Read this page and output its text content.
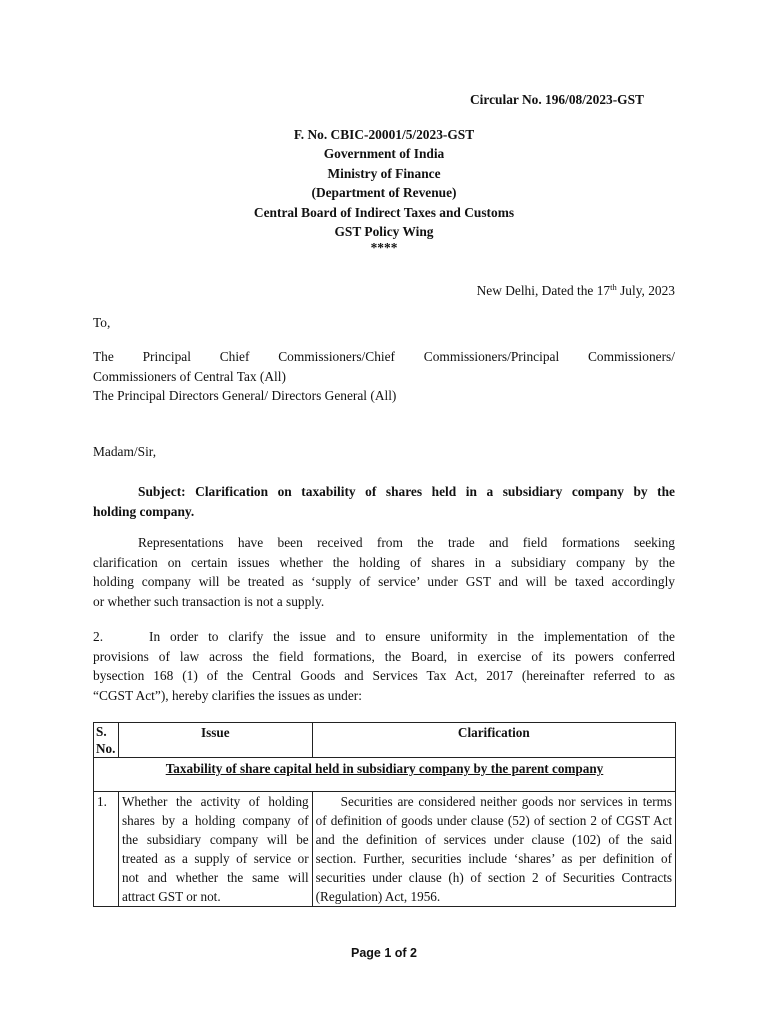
Circular No. 196/08/2023-GST
F. No. CBIC-20001/5/2023-GST
Government of India
Ministry of Finance
(Department of Revenue)
Central Board of Indirect Taxes and Customs
GST Policy Wing
****
New Delhi, Dated the 17th July, 2023
To,
The Principal Chief Commissioners/Chief Commissioners/Principal Commissioners/
Commissioners of Central Tax (All)
The Principal Directors General/ Directors General (All)
Madam/Sir,
Subject: Clarification on taxability of shares held in a subsidiary company by the
holding company.
Representations have been received from the trade and field formations seeking
clarification on certain issues whether the holding of shares in a subsidiary company by the
holding company will be treated as ‘supply of service’ under GST and will be taxed accordingly
or whether such transaction is not a supply.
2.	In order to clarify the issue and to ensure uniformity in the implementation of the
provisions of law across the field formations, the Board, in exercise of its powers conferred
bysection 168 (1) of the Central Goods and Services Tax Act, 2017 (hereinafter referred to as
“CGST Act”), hereby clarifies the issues as under:
S. No.	Issue	Clarification
Taxability of share capital held in subsidiary company by the parent company		
1.	Whether the activity of holding shares by a holding company of the subsidiary company will be treated as a supply of service or not and whether the same will attract GST or not.	Securities are considered neither goods nor services in terms of definition of goods under clause (52) of section 2 of CGST Act and the definition of services under clause (102) of the said section. Further, securities include ‘shares’ as per definition of securities under clause (h) of section 2 of Securities Contracts (Regulation) Act, 1956.
Page 1 of 2
